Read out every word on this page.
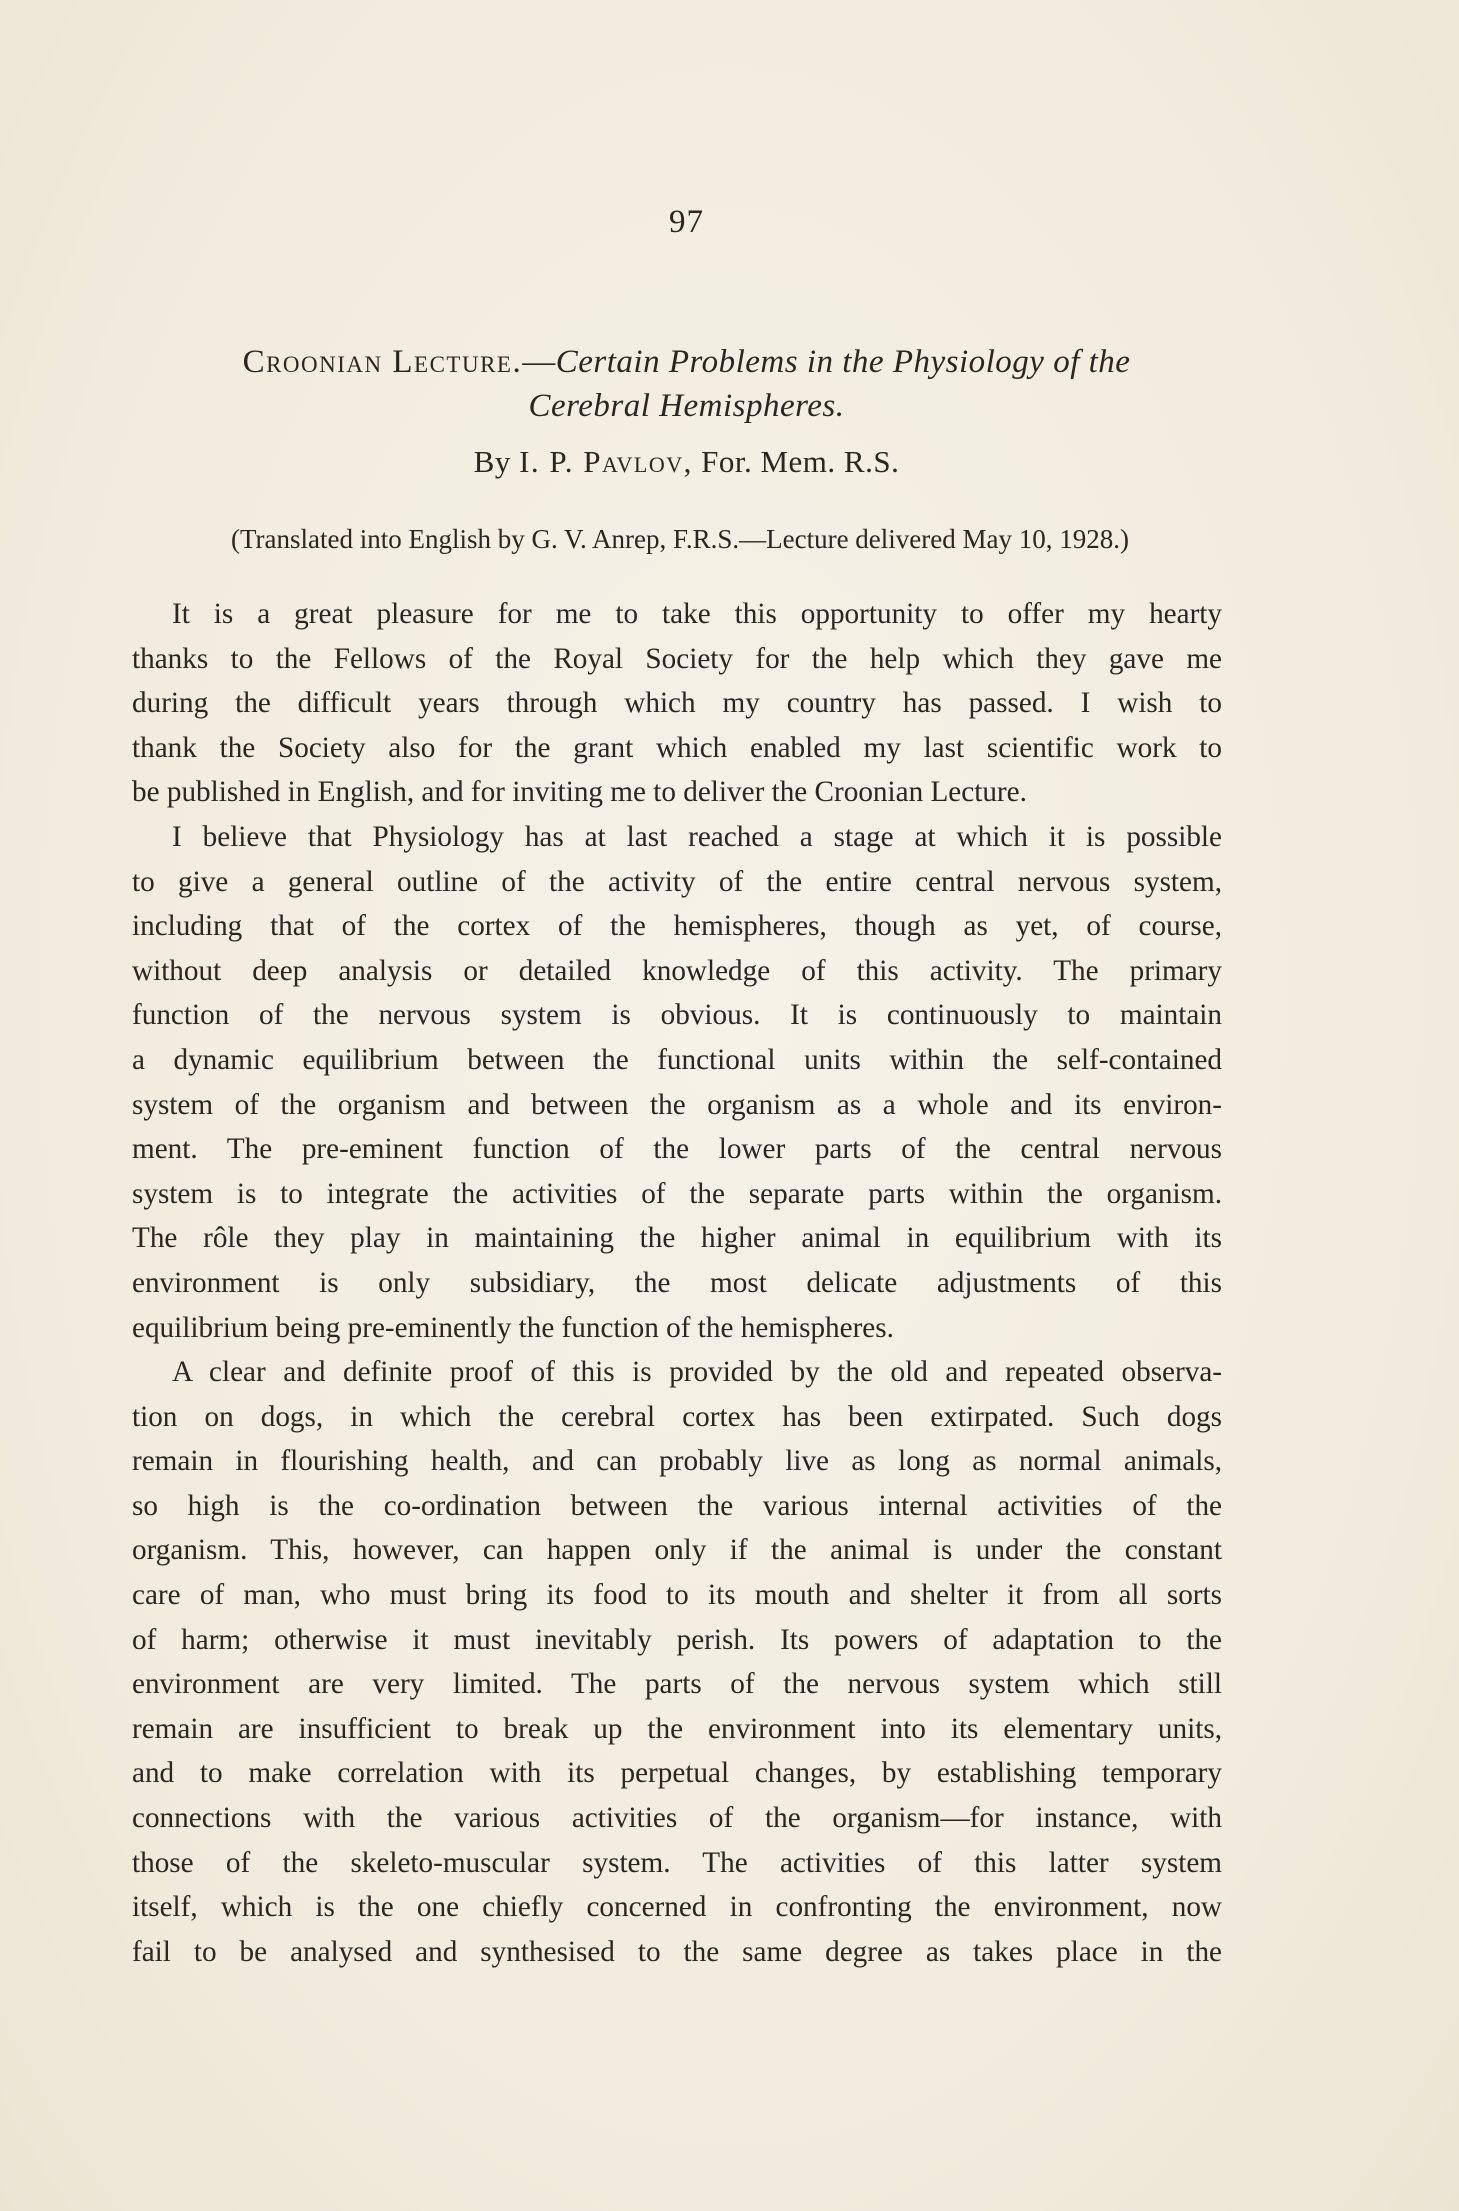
97
Croonian Lecture.—Certain Problems in the Physiology of the
Cerebral Hemispheres.
By I. P. Pavlov, For. Mem. R.S.
(Translated into English by G. V. Anrep, F.R.S.—Lecture delivered May 10, 1928.)
It is a great pleasure for me to take this opportunity to offer my hearty
thanks to the Fellows of the Royal Society for the help which they gave me
during the difficult years through which my country has passed. I wish to
thank the Society also for the grant which enabled my last scientific work to
be published in English, and for inviting me to deliver the Croonian Lecture.
I believe that Physiology has at last reached a stage at which it is possible
to give a general outline of the activity of the entire central nervous system,
including that of the cortex of the hemispheres, though as yet, of course,
without deep analysis or detailed knowledge of this activity. The primary
function of the nervous system is obvious. It is continuously to maintain
a dynamic equilibrium between the functional units within the self-contained
system of the organism and between the organism as a whole and its environ-
ment. The pre-eminent function of the lower parts of the central nervous
system is to integrate the activities of the separate parts within the organism.
The rôle they play in maintaining the higher animal in equilibrium with its
environment is only subsidiary, the most delicate adjustments of this
equilibrium being pre-eminently the function of the hemispheres.
A clear and definite proof of this is provided by the old and repeated observa-
tion on dogs, in which the cerebral cortex has been extirpated. Such dogs
remain in flourishing health, and can probably live as long as normal animals,
so high is the co-ordination between the various internal activities of the
organism. This, however, can happen only if the animal is under the constant
care of man, who must bring its food to its mouth and shelter it from all sorts
of harm; otherwise it must inevitably perish. Its powers of adaptation to the
environment are very limited. The parts of the nervous system which still
remain are insufficient to break up the environment into its elementary units,
and to make correlation with its perpetual changes, by establishing temporary
connections with the various activities of the organism—for instance, with
those of the skeleto-muscular system. The activities of this latter system
itself, which is the one chiefly concerned in confronting the environment, now
fail to be analysed and synthesised to the same degree as takes place in the
